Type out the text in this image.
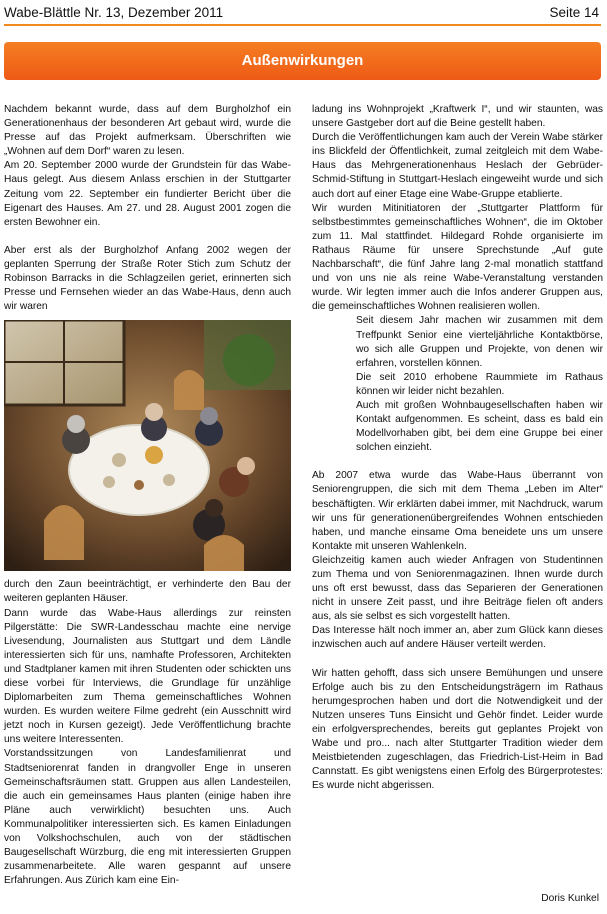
Wabe-Blättle Nr. 13, Dezember 2011	Seite 14
Außenwirkungen

Nachdem bekannt wurde, dass auf dem Burgholzhof ein Generationenhaus der besonderen Art gebaut wird, wurde die Presse auf das Projekt aufmerksam. Überschriften wie „Wohnen auf dem Dorf“ waren zu lesen.

Am 20. September 2000 wurde der Grundstein für das Wabe-Haus gelegt. Aus diesem Anlass erschien in der Stuttgarter Zeitung vom 22. September ein fundierter Bericht über die Eigenart des Hauses. Am 27. und 28. August 2001 zogen die ersten Bewohner ein.

Aber erst als der Burgholzhof Anfang 2002 wegen der geplanten Sperrung der Straße Roter Stich zum Schutz der Robinson Barracks in die Schlagzeilen geriet, erinnerten sich Presse und Fernsehen wieder an das Wabe-Haus, denn auch wir waren

durch den Zaun beeinträchtigt, er verhinderte den Bau der weiteren geplanten Häuser.

Dann wurde das Wabe-Haus allerdings zur reinsten Pilgerstätte: Die SWR-Landesschau machte eine nervige Livesendung, Journalisten aus Stuttgart und dem Ländle interessierten sich für uns, namhafte Professoren, Architekten und Stadtplaner kamen mit ihren Studenten oder schickten uns diese vorbei für Interviews, die Grundlage für unzählige Diplomarbeiten zum Thema gemeinschaftliches Wohnen wurden. Es wurden weitere Filme gedreht (ein Ausschnitt wird jetzt noch in Kursen gezeigt). Jede Veröffentlichung brachte uns weitere Interessenten.

Vorstandssitzungen von Landesfamilienrat und Stadtseniorenrat fanden in drangvoller Enge in unseren Gemeinschaftsräumen statt. Gruppen aus allen Landesteilen, die auch ein gemeinsames Haus planten (einige haben ihre Pläne auch verwirklicht) besuchten uns. Auch Kommunalpolitiker interessierten sich. Es kamen Einladungen von Volkshochschulen, auch von der städtischen Baugesellschaft Würzburg, die eng mit interessierten Gruppen zusammenarbeitete. Alle waren gespannt auf unsere Erfahrungen. Aus Zürich kam eine Ein-

ladung ins Wohnprojekt „Kraftwerk I“, und wir staunten, was unsere Gastgeber dort auf die Beine gestellt haben.

Durch die Veröffentlichungen kam auch der Verein Wabe stärker ins Blickfeld der Öffentlichkeit, zumal zeitgleich mit dem Wabe-Haus das Mehrgenerationenhaus Heslach der Gebrüder-Schmid-Stiftung in Stuttgart-Heslach eingeweiht wurde und sich auch dort auf einer Etage eine Wabe-Gruppe etablierte.

Wir wurden Mitinitiatoren der „Stuttgarter Plattform für selbstbestimmtes gemeinschaftliches Wohnen“, die im Oktober zum 11. Mal stattfindet. Hildegard Rohde organisierte im Rathaus Räume für unsere Sprechstunde „Auf gute Nachbarschaft“, die fünf Jahre lang 2-mal monatlich stattfand und von uns nie als reine Wabe-Veranstaltung verstanden wurde. Wir legten immer auch die Infos anderer Gruppen aus, die gemeinschaftliches Wohnen realisieren wollen.

Seit diesem Jahr machen wir zusammen mit dem Treffpunkt Senior eine vierteljährliche Kontaktbörse, wo sich alle Gruppen und Projekte, von denen wir erfahren, vorstellen können.

Die seit 2010 erhobene Raummiete im Rathaus können wir leider nicht bezahlen.

Auch mit großen Wohnbaugesellschaften haben wir Kontakt aufgenommen. Es scheint, dass es bald ein Modellvorhaben gibt, bei dem eine Gruppe bei einer solchen einzieht.

Ab 2007 etwa wurde das Wabe-Haus überrannt von Seniorengruppen, die sich mit dem Thema „Leben im Alter“ beschäftigten. Wir erklärten dabei immer, mit Nachdruck, warum wir uns für generationenübergreifendes Wohnen entschieden haben, und manche einsame Oma beneidete uns um unsere Kontakte mit unseren Wahlenkeln.

Gleichzeitig kamen auch wieder Anfragen von Studentinnen zum Thema und von Seniorenmagazinen. Ihnen wurde durch uns oft erst bewusst, dass das Separieren der Generationen nicht in unsere Zeit passt, und ihre Beiträge fielen oft anders aus, als sie selbst es sich vorgestellt hatten.

Das Interesse hält noch immer an, aber zum Glück kann dieses inzwischen auch auf andere Häuser verteilt werden.

Wir hatten gehofft, dass sich unsere Bemühungen und unsere Erfolge auch bis zu den Entscheidungsträgern im Rathaus herumgesprochen haben und dort die Notwendigkeit und der Nutzen unseres Tuns Einsicht und Gehör findet. Leider wurde ein erfolgversprechendes, bereits gut geplantes Projekt von Wabe und pro... nach alter Stuttgarter Tradition wieder dem Meistbietenden zugeschlagen, das Friedrich-List-Heim in Bad Cannstatt. Es gibt wenigstens einen Erfolg des Bürgerprotestes: Es wurde nicht abgerissen.

Doris Kunkel
